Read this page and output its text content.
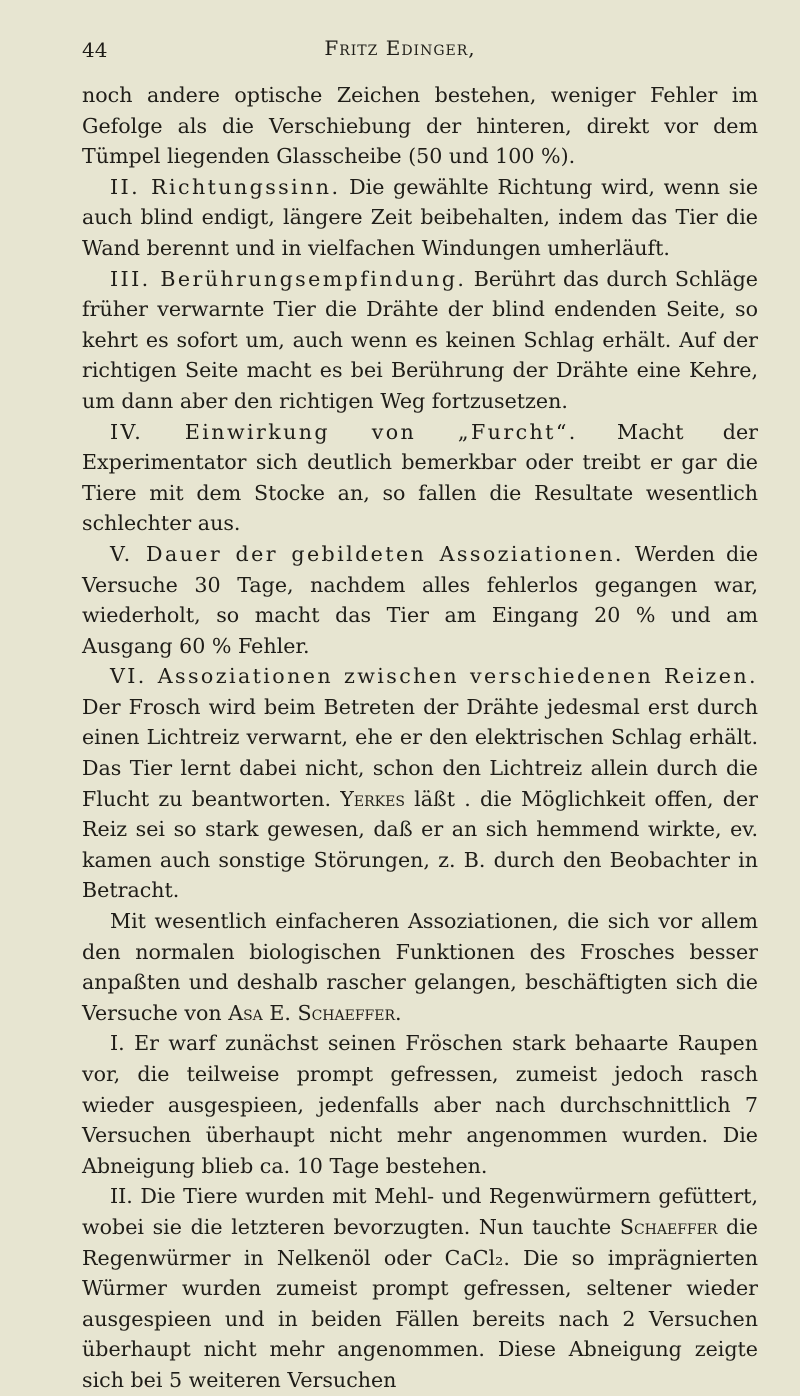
44	Fritz Edinger,

noch andere optische Zeichen bestehen, weniger Fehler im Gefolge als die Verschiebung der hinteren, direkt vor dem Tümpel liegenden Glasscheibe (50 und 100 %).

II. Richtungssinn. Die gewählte Richtung wird, wenn sie auch blind endigt, längere Zeit beibehalten, indem das Tier die Wand berennt und in vielfachen Windungen umherläuft.

III. Berührungsempfindung. Berührt das durch Schläge früher verwarnte Tier die Drähte der blind endenden Seite, so kehrt es sofort um, auch wenn es keinen Schlag erhält. Auf der richtigen Seite macht es bei Berührung der Drähte eine Kehre, um dann aber den richtigen Weg fortzusetzen.

IV. Einwirkung von „Furcht“. Macht der Experimentator sich deutlich bemerkbar oder treibt er gar die Tiere mit dem Stocke an, so fallen die Resultate wesentlich schlechter aus.

V. Dauer der gebildeten Assoziationen. Werden die Versuche 30 Tage, nachdem alles fehlerlos gegangen war, wiederholt, so macht das Tier am Eingang 20 % und am Ausgang 60 % Fehler.

VI. Assoziationen zwischen verschiedenen Reizen. Der Frosch wird beim Betreten der Drähte jedesmal erst durch einen Lichtreiz verwarnt, ehe er den elektrischen Schlag erhält. Das Tier lernt dabei nicht, schon den Lichtreiz allein durch die Flucht zu beantworten. Yerkes läßt . die Möglichkeit offen, der Reiz sei so stark gewesen, daß er an sich hemmend wirkte, ev. kamen auch sonstige Störungen, z. B. durch den Beobachter in Betracht.

Mit wesentlich einfacheren Assoziationen, die sich vor allem den normalen biologischen Funktionen des Frosches besser anpaßten und deshalb rascher gelangen, beschäftigten sich die Versuche von Asa E. Schaeffer.

I. Er warf zunächst seinen Fröschen stark behaarte Raupen vor, die teilweise prompt gefressen, zumeist jedoch rasch wieder ausgespieen, jedenfalls aber nach durchschnittlich 7 Versuchen überhaupt nicht mehr angenommen wurden. Die Abneigung blieb ca. 10 Tage bestehen.

II. Die Tiere wurden mit Mehl- und Regenwürmern gefüttert, wobei sie die letzteren bevorzugten. Nun tauchte Schaeffer die Regenwürmer in Nelkenöl oder CaCl₂. Die so imprägnierten Würmer wurden zumeist prompt gefressen, seltener wieder ausgespieen und in beiden Fällen bereits nach 2 Versuchen überhaupt nicht mehr angenommen. Diese Abneigung zeigte sich bei 5 weiteren Versuchen
